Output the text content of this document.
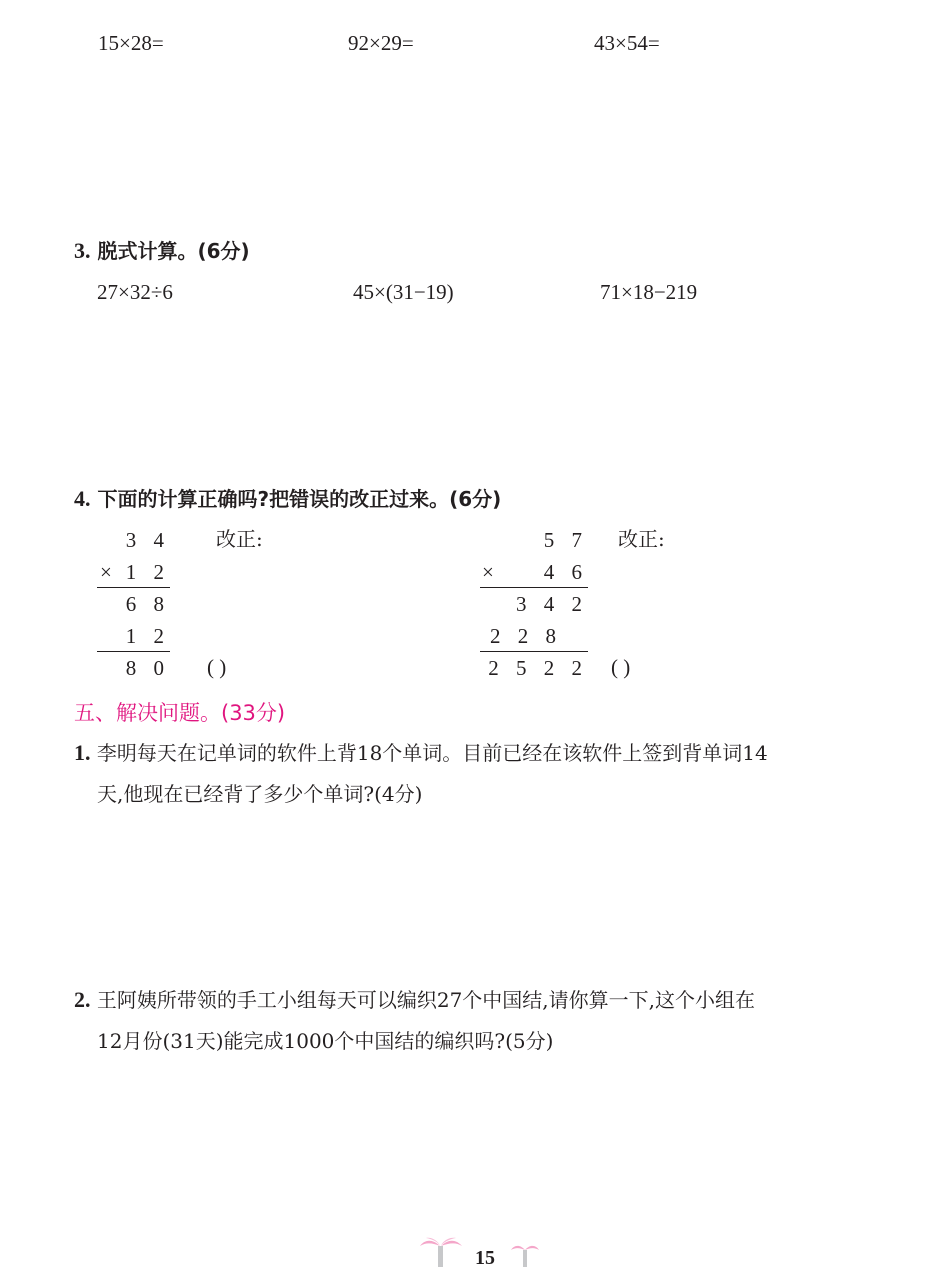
15×28=	92×29=	43×54=
3. 脱式计算。(6分)
27×32÷6	45×(31−19)	71×18−219
4. 下面的计算正确吗?把错误的改正过来。(6分)
3 4
× 1 2
6 8
1 2
8 0
改正:
( )
5 7
×	4 6
3 4 2
2 2 8
2 5 2 2
改正:
( )
五、解决问题。(33分)
1. 李明每天在记单词的软件上背18个单词。目前已经在该软件上签到背单词14
天,他现在已经背了多少个单词?(4分)
2. 王阿姨所带领的手工小组每天可以编织27个中国结,请你算一下,这个小组在
12月份(31天)能完成1000个中国结的编织吗?(5分)
15
